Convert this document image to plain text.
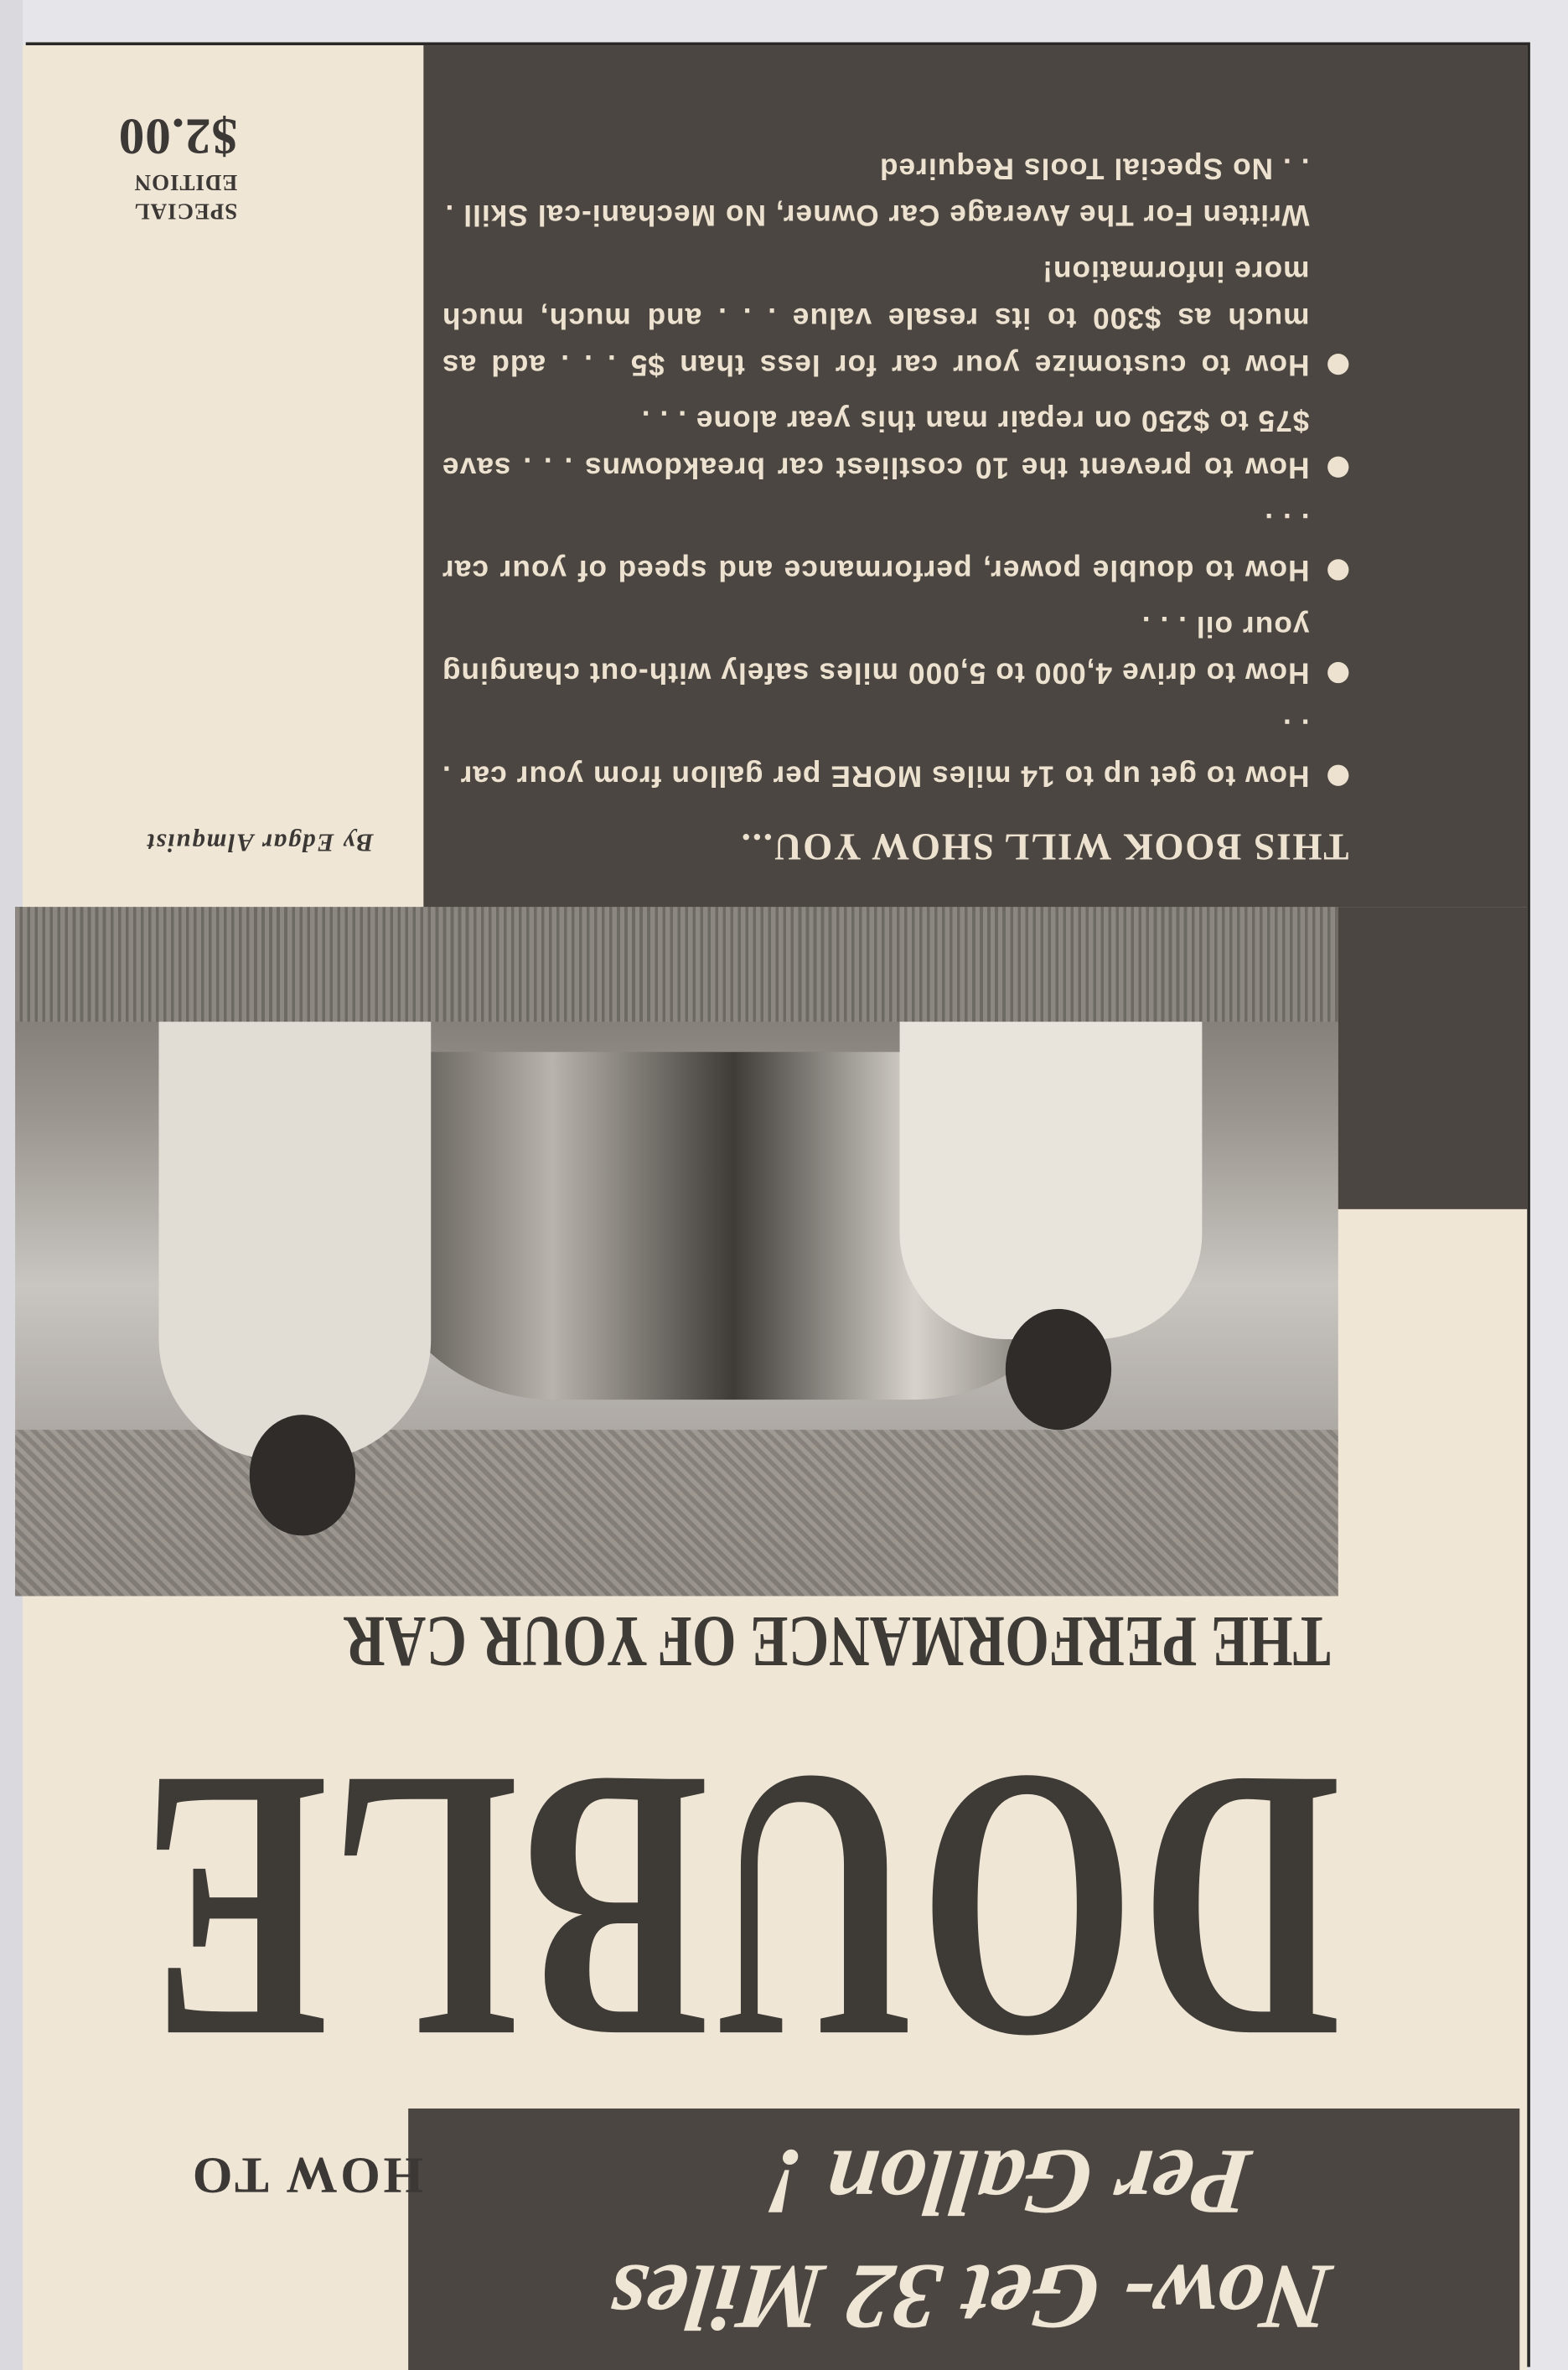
Now- Get 32 Miles
Per Gallon !
HOW TO
DOUBLE
THE PERFORMANCE OF YOUR CAR
THIS BOOK WILL SHOW YOU...
How to get up to 14 miles MORE per gallon from your car . . .
How to drive 4,000 to 5,000 miles safely with-out changing your oil . . .
How to double power, performance and speed of your car . . .
How to prevent the 10 costliest car breakdowns . . . save $75 to $250 on repair man this year alone . . .
How to customize your car for less than $5 . . . add as much as $300 to its resale value . . . and much, much more information!
Written For The Average Car Owner, No Mechani-cal Skill . . . No Special Tools Required
By Edgar Almquist
SPECIAL
EDITION
$2.00
